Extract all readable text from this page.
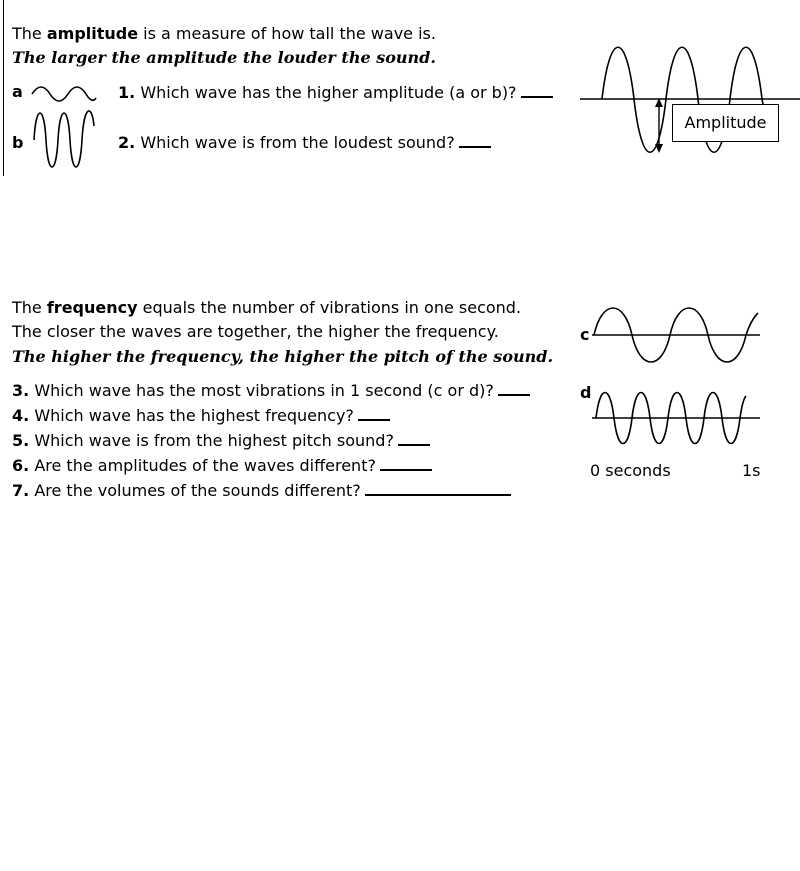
The amplitude is a measure of how tall the wave is.
The larger the amplitude the louder the sound.
a
b
1. Which wave has the higher amplitude (a or b)?
2. Which wave is from the loudest sound?
Amplitude
The frequency equals the number of vibrations in one second.
The closer the waves are together, the higher the frequency.
The higher the frequency, the higher the pitch of the sound.
3. Which wave has the most vibrations in 1 second (c or d)?
4. Which wave has the highest frequency?
5. Which wave is from the highest pitch sound?
6. Are the amplitudes of the waves different?
7. Are the volumes of the sounds different?
c
d
0 seconds	1s
